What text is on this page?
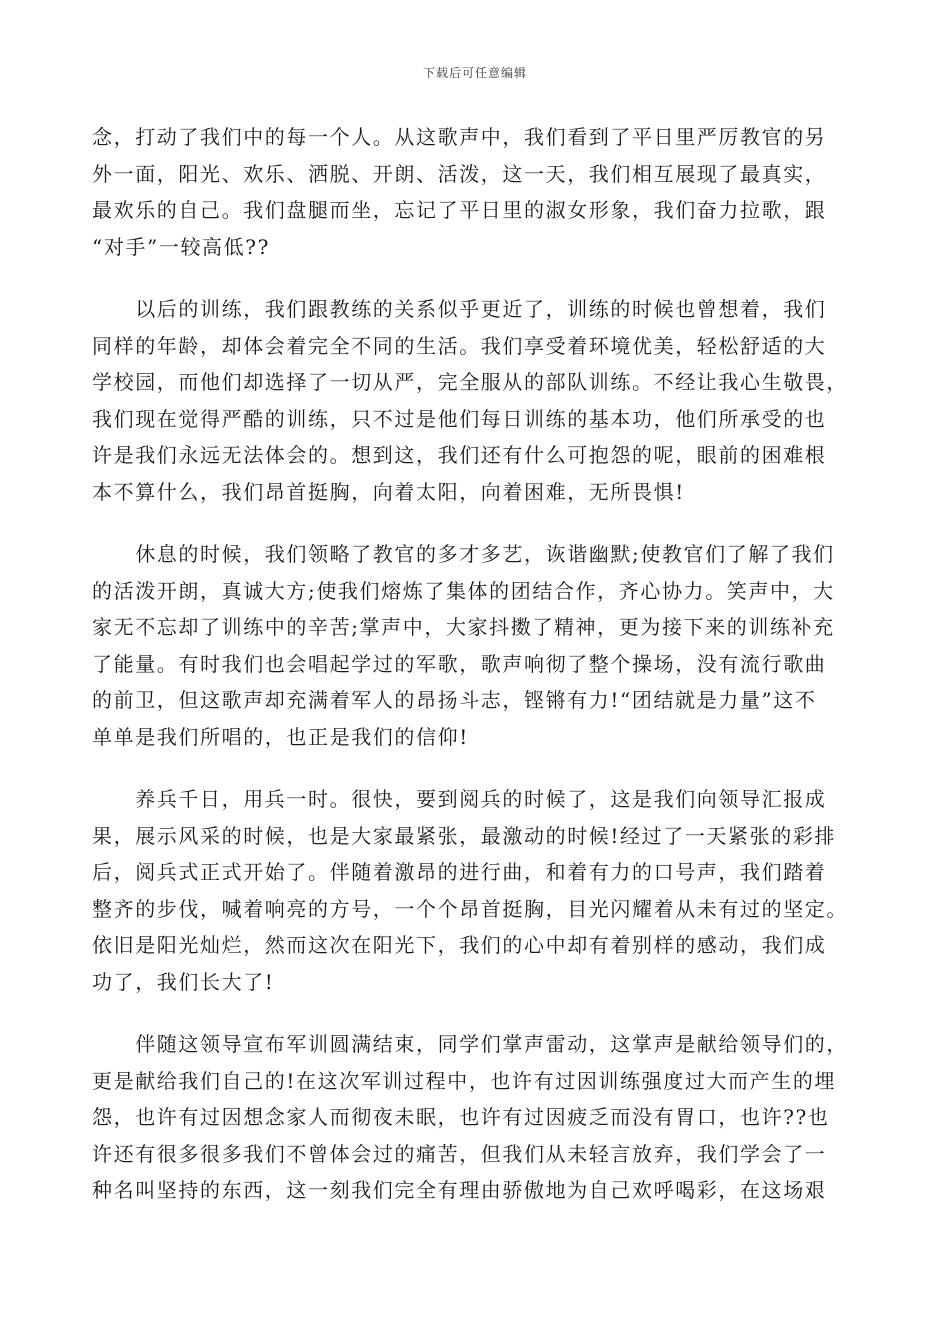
下载后可任意编辑
念，打动了我们中的每一个人。从这歌声中，我们看到了平日里严厉教官的另
外一面，阳光、欢乐、洒脱、开朗、活泼，这一天，我们相互展现了最真实，
最欢乐的自己。我们盘腿而坐，忘记了平日里的淑女形象，我们奋力拉歌，跟
“对手”一较高低??
　　以后的训练，我们跟教练的关系似乎更近了，训练的时候也曾想着，我们
同样的年龄，却体会着完全不同的生活。我们享受着环境优美，轻松舒适的大
学校园，而他们却选择了一切从严，完全服从的部队训练。不经让我心生敬畏，
我们现在觉得严酷的训练，只不过是他们每日训练的基本功，他们所承受的也
许是我们永远无法体会的。想到这，我们还有什么可抱怨的呢，眼前的困难根
本不算什么，我们昂首挺胸，向着太阳，向着困难，无所畏惧!
　　休息的时候，我们领略了教官的多才多艺，诙谐幽默;使教官们了解了我们
的活泼开朗，真诚大方;使我们熔炼了集体的团结合作，齐心协力。笑声中，大
家无不忘却了训练中的辛苦;掌声中，大家抖擞了精神，更为接下来的训练补充
了能量。有时我们也会唱起学过的军歌，歌声响彻了整个操场，没有流行歌曲
的前卫，但这歌声却充满着军人的昂扬斗志，铿锵有力!“团结就是力量”这不
单单是我们所唱的，也正是我们的信仰!
　　养兵千日，用兵一时。很快，要到阅兵的时候了，这是我们向领导汇报成
果，展示风采的时候，也是大家最紧张，最激动的时候!经过了一天紧张的彩排
后，阅兵式正式开始了。伴随着激昂的进行曲，和着有力的口号声，我们踏着
整齐的步伐，喊着响亮的方号，一个个昂首挺胸，目光闪耀着从未有过的坚定。
依旧是阳光灿烂，然而这次在阳光下，我们的心中却有着别样的感动，我们成
功了，我们长大了!
　　伴随这领导宣布军训圆满结束，同学们掌声雷动，这掌声是献给领导们的，
更是献给我们自己的!在这次军训过程中，也许有过因训练强度过大而产生的埋
怨，也许有过因想念家人而彻夜未眠，也许有过因疲乏而没有胃口，也许??也
许还有很多很多我们不曾体会过的痛苦，但我们从未轻言放弃，我们学会了一
种名叫坚持的东西，这一刻我们完全有理由骄傲地为自己欢呼喝彩，在这场艰
